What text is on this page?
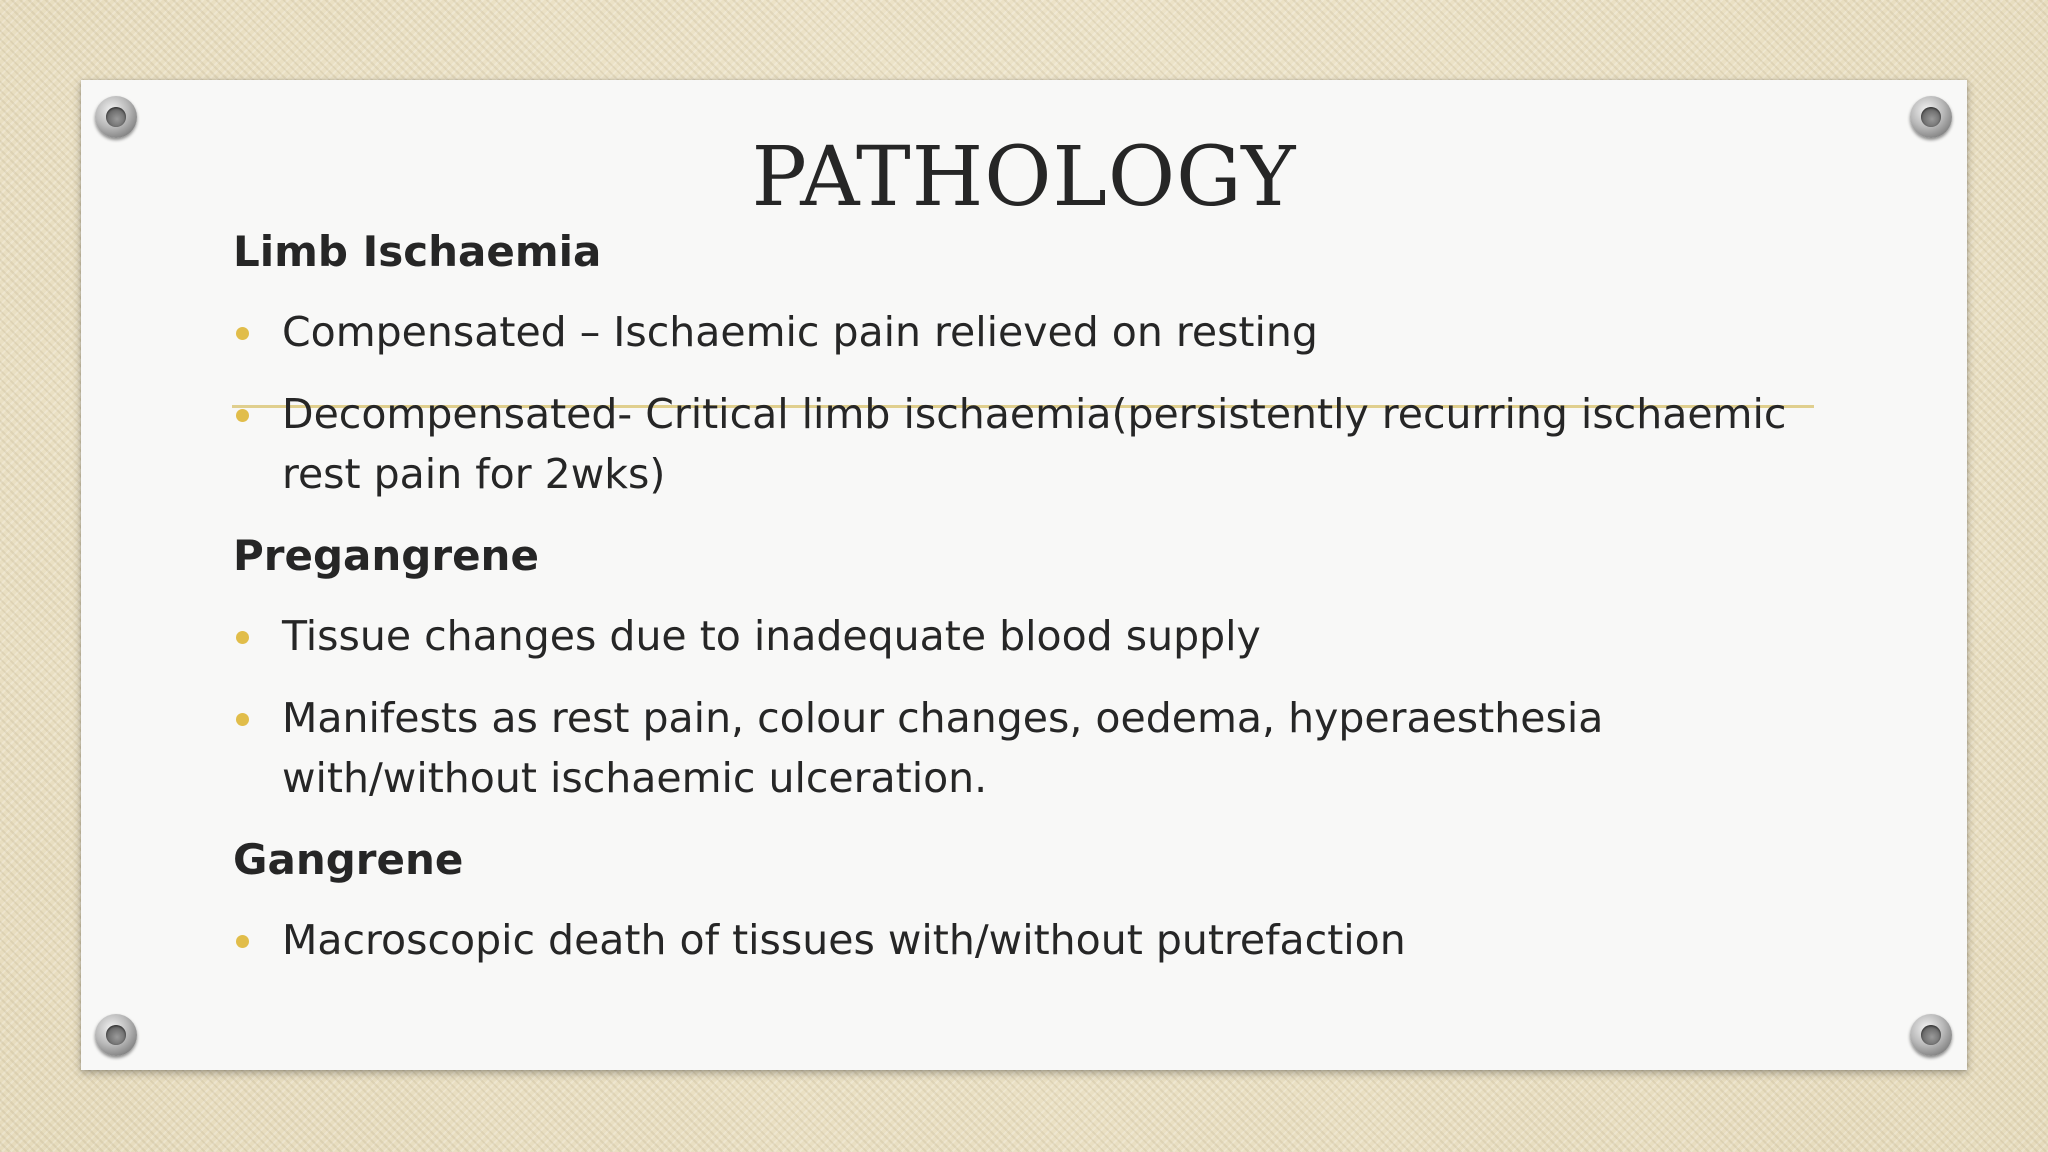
PATHOLOGY
Limb Ischaemia
Compensated – Ischaemic pain relieved on resting
Decompensated- Critical limb ischaemia(persistently recurring ischaemic rest pain for 2wks)
Pregangrene
Tissue changes due to inadequate blood supply
Manifests as rest pain, colour changes, oedema, hyperaesthesia with/without ischaemic ulceration.
Gangrene
Macroscopic death of tissues with/without putrefaction
